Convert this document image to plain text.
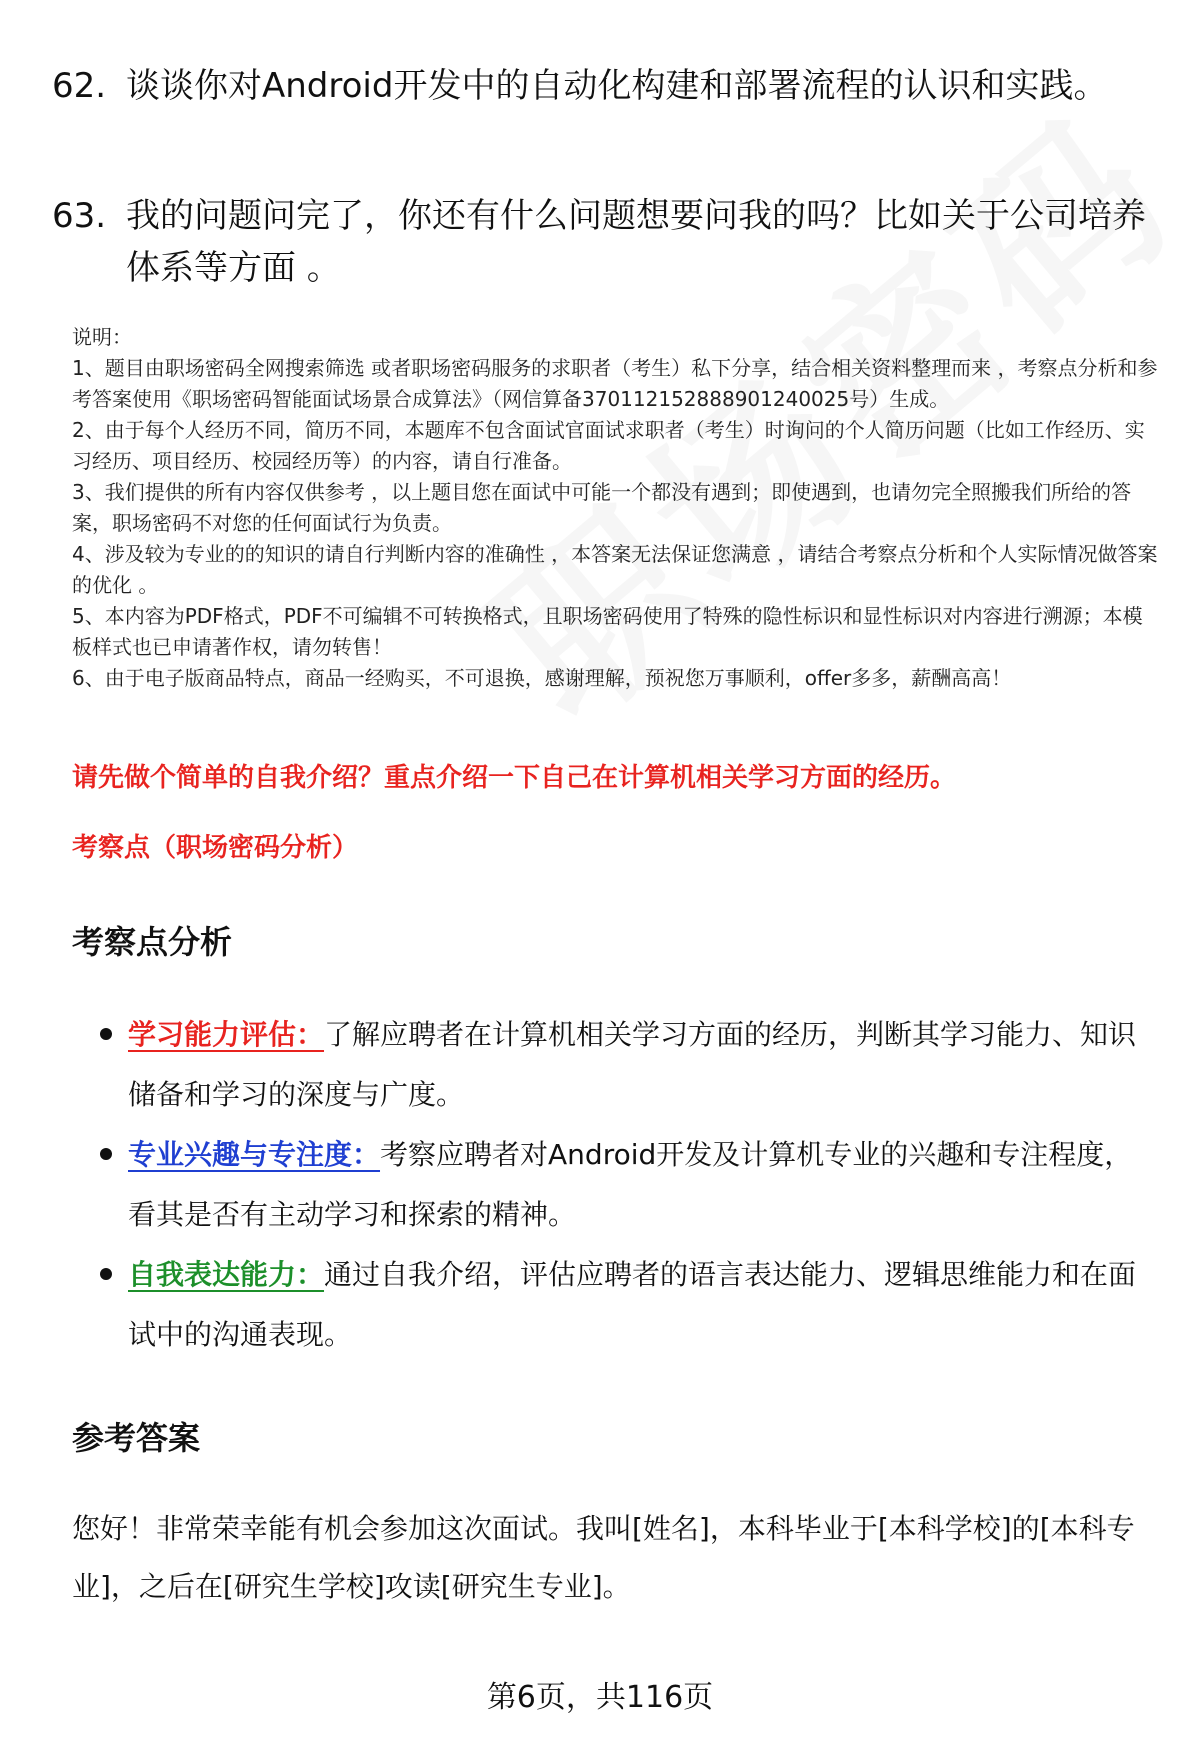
62. 谈谈你对Android开发中的自动化构建和部署流程的认识和实践。
63. 我的问题问完了，你还有什么问题想要问我的吗？比如关于公司培养体系等方面 。
说明：
1、题目由职场密码全网搜索筛选 或者职场密码服务的求职者（考生）私下分享，结合相关资料整理而来 ，考察点分析和参考答案使用《职场密码智能面试场景合成算法》（网信算备370112152888901240025号）生成。
2、由于每个人经历不同，简历不同，本题库不包含面试官面试求职者（考生）时询问的个人简历问题（比如工作经历、实习经历、项目经历、校园经历等）的内容，请自行准备。
3、我们提供的所有内容仅供参考 ，以上题目您在面试中可能一个都没有遇到；即使遇到，也请勿完全照搬我们所给的答案，职场密码不对您的任何面试行为负责。
4、涉及较为专业的的知识的请自行判断内容的准确性 ，本答案无法保证您满意 ，请结合考察点分析和个人实际情况做答案的优化 。
5、本内容为PDF格式，PDF不可编辑不可转换格式，且职场密码使用了特殊的隐性标识和显性标识对内容进行溯源；本模板样式也已申请著作权，请勿转售！
6、由于电子版商品特点，商品一经购买，不可退换，感谢理解，预祝您万事顺利，offer多多，薪酬高高！
请先做个简单的自我介绍？重点介绍一下自己在计算机相关学习方面的经历。
考察点（职场密码分析）
考察点分析
学习能力评估：了解应聘者在计算机相关学习方面的经历，判断其学习能力、知识储备和学习的深度与广度。
专业兴趣与专注度：考察应聘者对Android开发及计算机专业的兴趣和专注程度，看其是否有主动学习和探索的精神。
自我表达能力：通过自我介绍，评估应聘者的语言表达能力、逻辑思维能力和在面试中的沟通表现。
参考答案
您好！非常荣幸能有机会参加这次面试。我叫[姓名]，本科毕业于[本科学校]的[本科专业]，之后在[研究生学校]攻读[研究生专业]。
第6页，共116页
